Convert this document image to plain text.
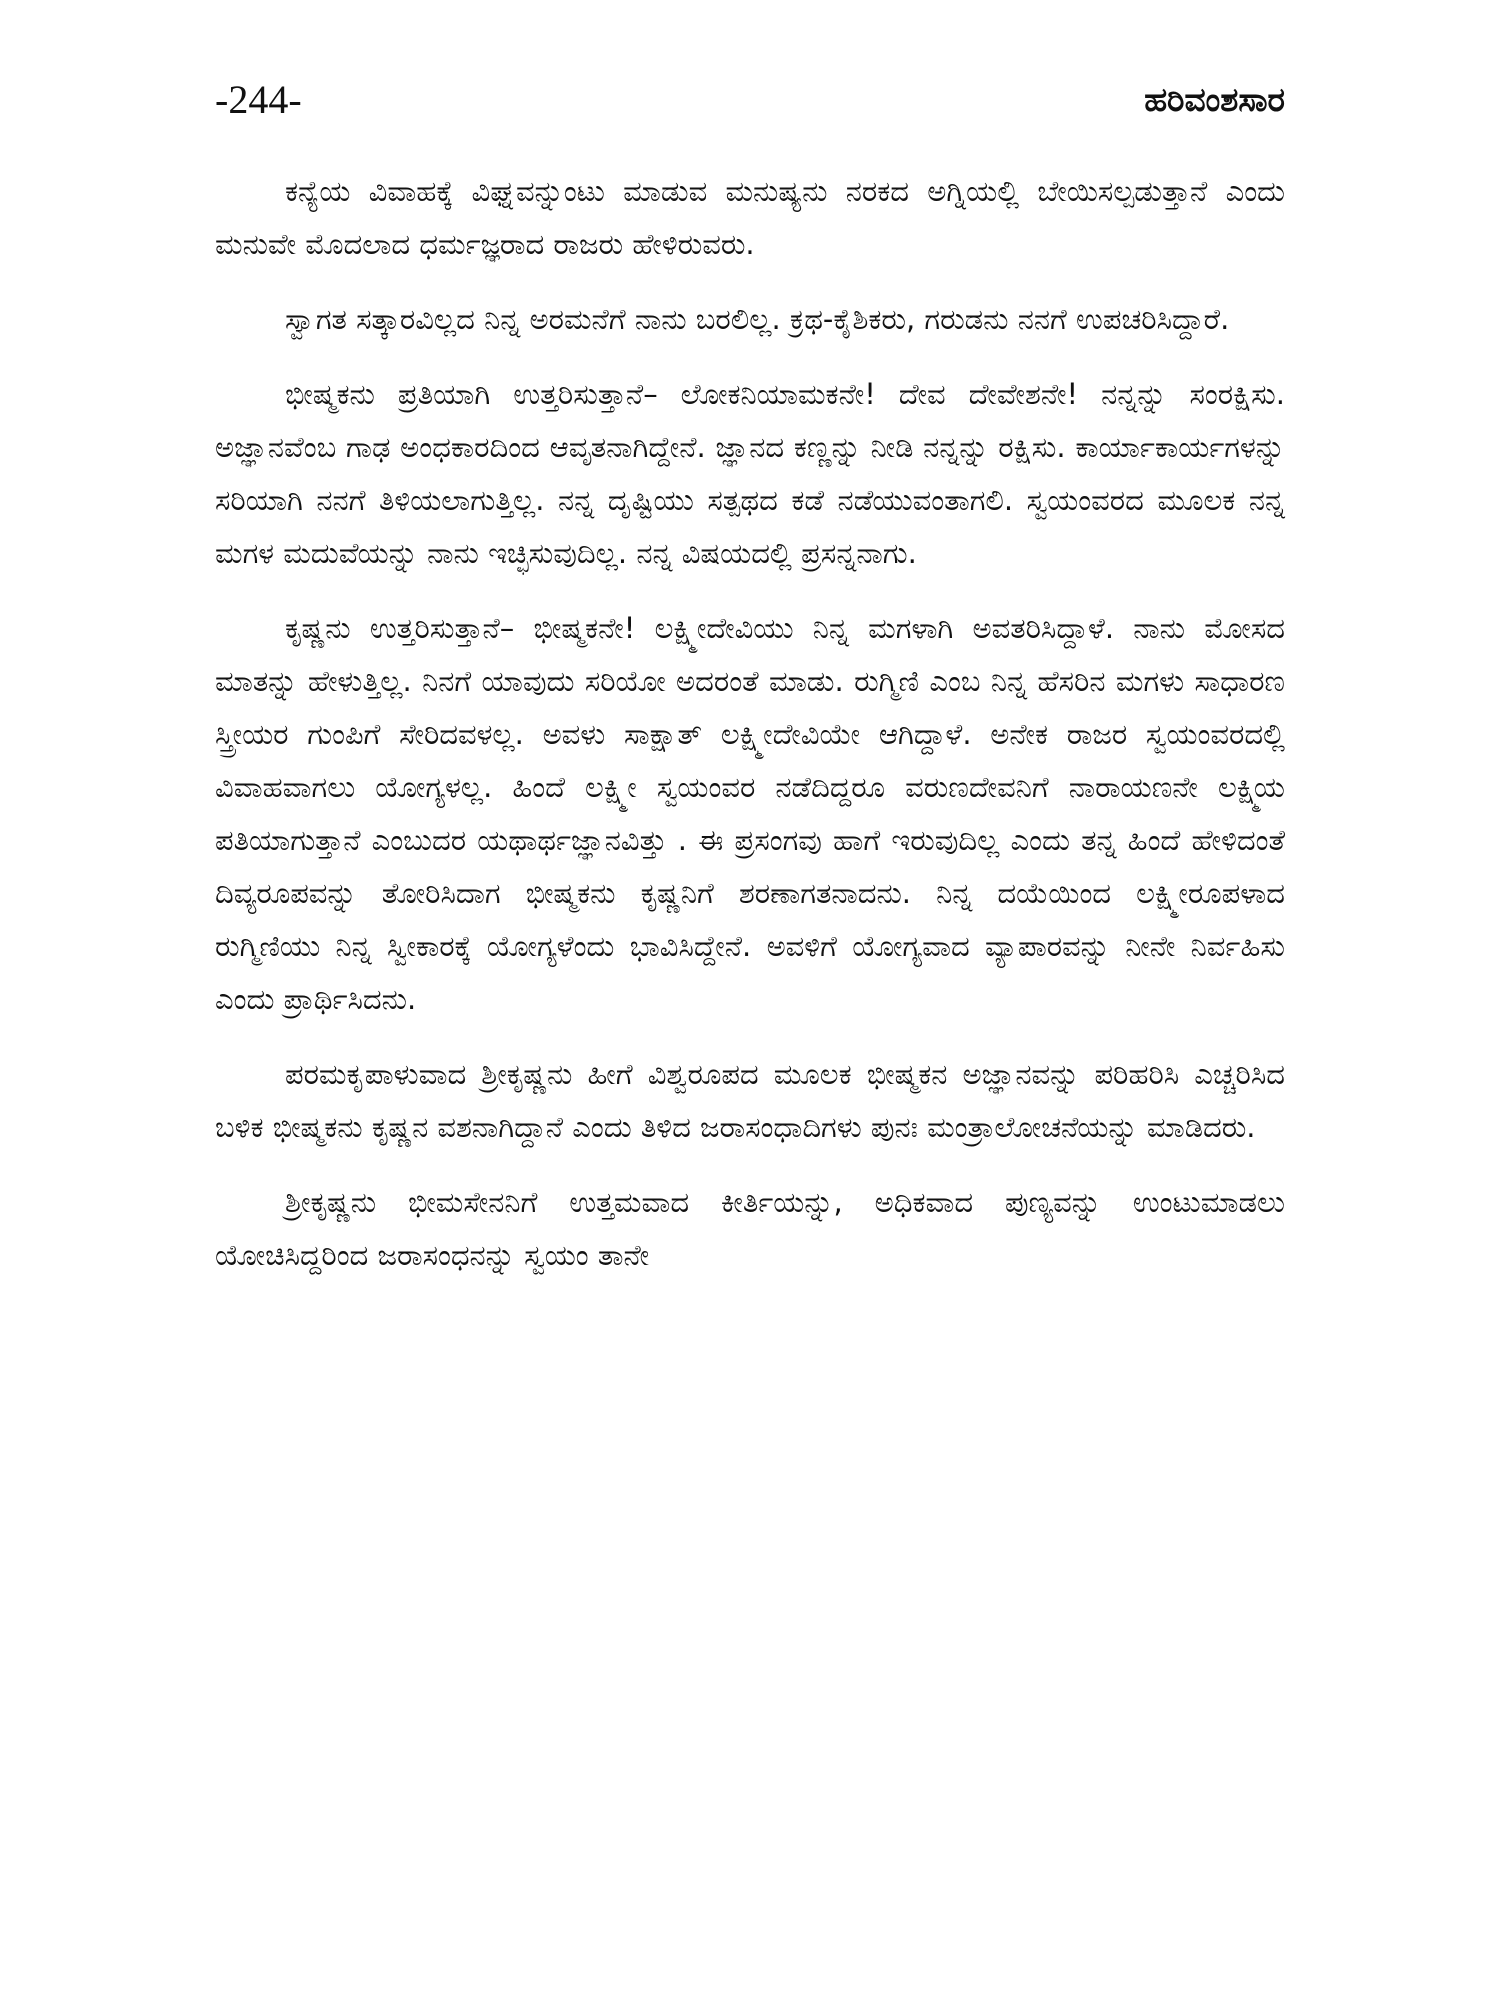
-244-	ಹರಿವಂಶಸಾರ

ಕನ್ಯೆಯ ವಿವಾಹಕ್ಕೆ ವಿಘ್ನವನ್ನುಂಟು ಮಾಡುವ ಮನುಷ್ಯನು ನರಕದ ಅಗ್ನಿಯಲ್ಲಿ ಬೇಯಿಸಲ್ಪಡುತ್ತಾನೆ ಎಂದು ಮನುವೇ ಮೊದಲಾದ ಧರ್ಮಜ್ಞರಾದ ರಾಜರು ಹೇಳಿರುವರು.

ಸ್ವಾಗತ ಸತ್ಕಾರವಿಲ್ಲದ ನಿನ್ನ ಅರಮನೆಗೆ ನಾನು ಬರಲಿಲ್ಲ. ಕ್ರಥ-ಕೈಶಿಕರು, ಗರುಡನು ನನಗೆ ಉಪಚರಿಸಿದ್ದಾರೆ.

ಭೀಷ್ಮಕನು ಪ್ರತಿಯಾಗಿ ಉತ್ತರಿಸುತ್ತಾನೆ– ಲೋಕನಿಯಾಮಕನೇ! ದೇವ ದೇವೇಶನೇ! ನನ್ನನ್ನು ಸಂರಕ್ಷಿಸು. ಅಜ್ಞಾನವೆಂಬ ಗಾಢ ಅಂಧಕಾರದಿಂದ ಆವೃತನಾಗಿದ್ದೇನೆ. ಜ್ಞಾನದ ಕಣ್ಣನ್ನು ನೀಡಿ ನನ್ನನ್ನು ರಕ್ಷಿಸು. ಕಾರ್ಯಾಕಾರ್ಯಗಳನ್ನು ಸರಿಯಾಗಿ ನನಗೆ ತಿಳಿಯಲಾಗುತ್ತಿಲ್ಲ. ನನ್ನ ದೃಷ್ಟಿಯು ಸತ್ಪಥದ ಕಡೆ ನಡೆಯುವಂತಾಗಲಿ. ಸ್ವಯಂವರದ ಮೂಲಕ ನನ್ನ ಮಗಳ ಮದುವೆಯನ್ನು ನಾನು ಇಚ್ಛಿಸುವುದಿಲ್ಲ. ನನ್ನ ವಿಷಯದಲ್ಲಿ ಪ್ರಸನ್ನನಾಗು.

ಕೃಷ್ಣನು ಉತ್ತರಿಸುತ್ತಾನೆ– ಭೀಷ್ಮಕನೇ! ಲಕ್ಷ್ಮೀದೇವಿಯು ನಿನ್ನ ಮಗಳಾಗಿ ಅವತರಿಸಿದ್ದಾಳೆ. ನಾನು ಮೋಸದ ಮಾತನ್ನು ಹೇಳುತ್ತಿಲ್ಲ. ನಿನಗೆ ಯಾವುದು ಸರಿಯೋ ಅದರಂತೆ ಮಾಡು. ರುಗ್ಮಿಣಿ ಎಂಬ ನಿನ್ನ ಹೆಸರಿನ ಮಗಳು ಸಾಧಾರಣ ಸ್ತ್ರೀಯರ ಗುಂಪಿಗೆ ಸೇರಿದವಳಲ್ಲ. ಅವಳು ಸಾಕ್ಷಾತ್ ಲಕ್ಷ್ಮೀದೇವಿಯೇ ಆಗಿದ್ದಾಳೆ. ಅನೇಕ ರಾಜರ ಸ್ವಯಂವರದಲ್ಲಿ ವಿವಾಹವಾಗಲು ಯೋಗ್ಯಳಲ್ಲ. ಹಿಂದೆ ಲಕ್ಷ್ಮೀ ಸ್ವಯಂವರ ನಡೆದಿದ್ದರೂ ವರುಣದೇವನಿಗೆ ನಾರಾಯಣನೇ ಲಕ್ಷ್ಮಿಯ ಪತಿಯಾಗುತ್ತಾನೆ ಎಂಬುದರ ಯಥಾರ್ಥಜ್ಞಾನವಿತ್ತು . ಈ ಪ್ರಸಂಗವು ಹಾಗೆ ಇರುವುದಿಲ್ಲ ಎಂದು ತನ್ನ ಹಿಂದೆ ಹೇಳಿದಂತೆ ದಿವ್ಯರೂಪವನ್ನು ತೋರಿಸಿದಾಗ ಭೀಷ್ಮಕನು ಕೃಷ್ಣನಿಗೆ ಶರಣಾಗತನಾದನು. ನಿನ್ನ ದಯೆಯಿಂದ ಲಕ್ಷ್ಮೀರೂಪಳಾದ ರುಗ್ಮಿಣಿಯು ನಿನ್ನ ಸ್ವೀಕಾರಕ್ಕೆ ಯೋಗ್ಯಳೆಂದು ಭಾವಿಸಿದ್ದೇನೆ. ಅವಳಿಗೆ ಯೋಗ್ಯವಾದ ವ್ಯಾಪಾರವನ್ನು ನೀನೇ ನಿರ್ವಹಿಸು ಎಂದು ಪ್ರಾರ್ಥಿಸಿದನು.

ಪರಮಕೃಪಾಳುವಾದ ಶ್ರೀಕೃಷ್ಣನು ಹೀಗೆ ವಿಶ್ವರೂಪದ ಮೂಲಕ ಭೀಷ್ಮಕನ ಅಜ್ಞಾನವನ್ನು ಪರಿಹರಿಸಿ ಎಚ್ಚರಿಸಿದ ಬಳಿಕ ಭೀಷ್ಮಕನು ಕೃಷ್ಣನ ವಶನಾಗಿದ್ದಾನೆ ಎಂದು ತಿಳಿದ ಜರಾಸಂಧಾದಿಗಳು ಪುನಃ ಮಂತ್ರಾಲೋಚನೆಯನ್ನು ಮಾಡಿದರು.

ಶ್ರೀಕೃಷ್ಣನು ಭೀಮಸೇನನಿಗೆ ಉತ್ತಮವಾದ ಕೀರ್ತಿಯನ್ನು, ಅಧಿಕವಾದ ಪುಣ್ಯವನ್ನು ಉಂಟುಮಾಡಲು ಯೋಚಿಸಿದ್ದರಿಂದ ಜರಾಸಂಧನನ್ನು ಸ್ವಯಂ ತಾನೇ
